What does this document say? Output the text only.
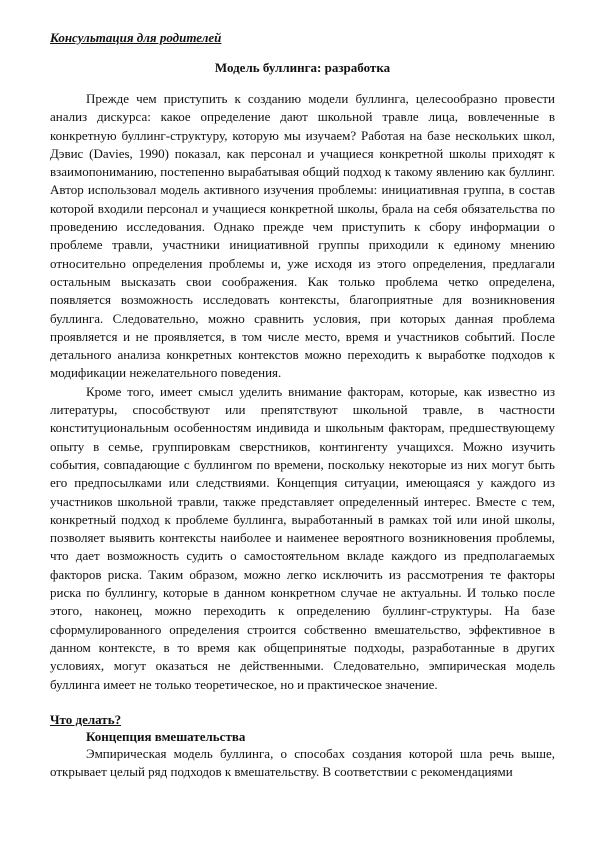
Консультация для родителей

Модель буллинга: разработка

Прежде чем приступить к созданию модели буллинга, целесообразно провести анализ дискурса: какое определение дают школьной травле лица, вовлеченные в конкретную буллинг-структуру, которую мы изучаем? Работая на базе нескольких школ, Дэвис (Davies, 1990) показал, как персонал и учащиеся конкретной школы приходят к взаимопониманию, постепенно вырабатывая общий подход к такому явлению как буллинг. Автор использовал модель активного изучения проблемы: инициативная группа, в состав которой входили персонал и учащиеся конкретной школы, брала на себя обязательства по проведению исследования. Однако прежде чем приступить к сбору информации о проблеме травли, участники инициативной группы приходили к единому мнению относительно определения проблемы и, уже исходя из этого определения, предлагали остальным высказать свои соображения. Как только проблема четко определена, появляется возможность исследовать контексты, благоприятные для возникновения буллинга. Следовательно, можно сравнить условия, при которых данная проблема проявляется и не проявляется, в том числе место, время и участников событий. После детального анализа конкретных контекстов можно переходить к выработке подходов к модификации нежелательного поведения.

Кроме того, имеет смысл уделить внимание факторам, которые, как известно из литературы, способствуют или препятствуют школьной травле, в частности конституциональным особенностям индивида и школьным факторам, предшествующему опыту в семье, группировкам сверстников, контингенту учащихся. Можно изучить события, совпадающие с буллингом по времени, поскольку некоторые из них могут быть его предпосылками или следствиями. Концепция ситуации, имеющаяся у каждого из участников школьной травли, также представляет определенный интерес. Вместе с тем, конкретный подход к проблеме буллинга, выработанный в рамках той или иной школы, позволяет выявить контексты наиболее и наименее вероятного возникновения проблемы, что дает возможность судить о самостоятельном вкладе каждого из предполагаемых факторов риска. Таким образом, можно легко исключить из рассмотрения те факторы риска по буллингу, которые в данном конкретном случае не актуальны. И только после этого, наконец, можно переходить к определению буллинг-структуры. На базе сформулированного определения строится собственно вмешательство, эффективное в данном контексте, в то время как общепринятые подходы, разработанные в других условиях, могут оказаться не действенными. Следовательно, эмпирическая модель буллинга имеет не только теоретическое, но и практическое значение.

Что делать?

Концепция вмешательства

Эмпирическая модель буллинга, о способах создания которой шла речь выше, открывает целый ряд подходов к вмешательству. В соответствии с рекомендациями
